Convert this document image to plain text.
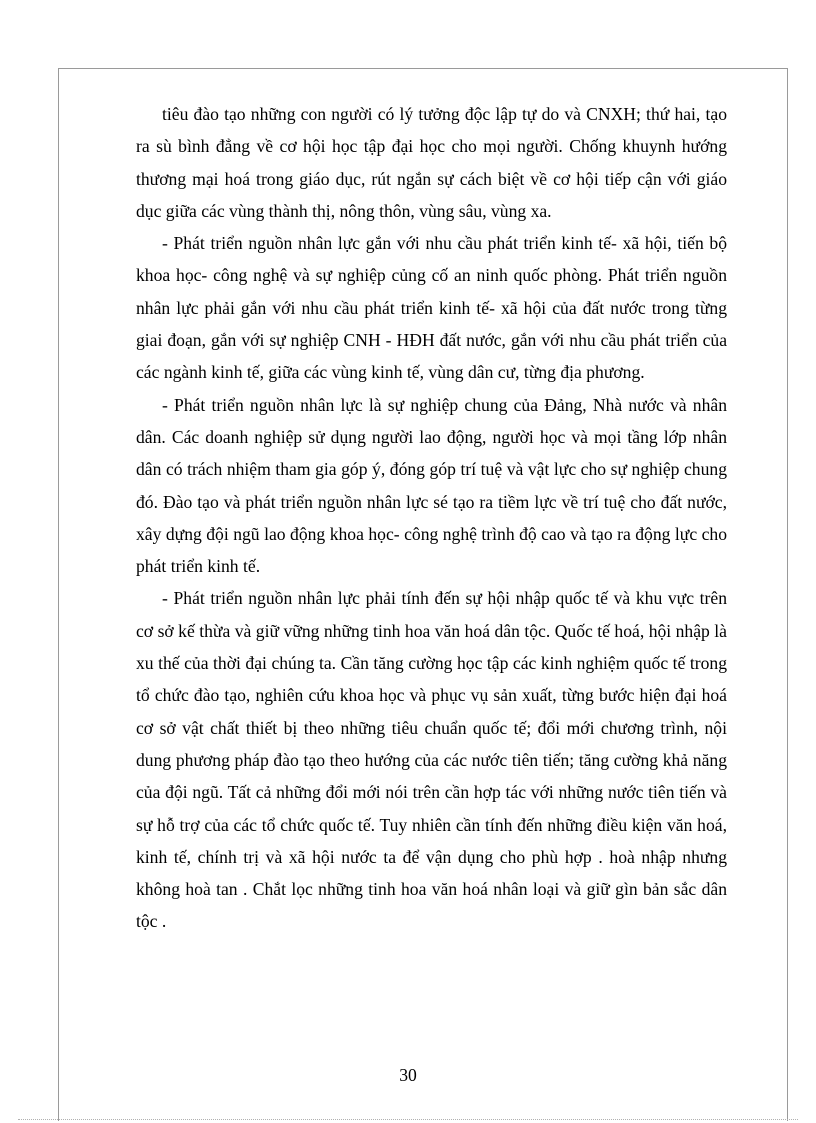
tiêu đào tạo những con người có lý tưởng độc lập tự do và CNXH; thứ hai, tạo ra sù bình đẳng về cơ hội học tập đại học cho mọi người. Chống khuynh hướng thương mại hoá trong giáo dục, rút ngắn sự cách biệt về cơ hội tiếp cận với giáo dục giữa các vùng thành thị, nông thôn, vùng sâu, vùng xa.

- Phát triển nguồn nhân lực gắn với nhu cầu phát triển kinh tế- xã hội, tiến bộ khoa học- công nghệ và sự nghiệp củng cố an ninh quốc phòng. Phát triển nguồn nhân lực phải gắn với nhu cầu phát triển kinh tế- xã hội của đất nước trong từng giai đoạn, gắn với sự nghiệp CNH - HĐH đất nước, gắn với nhu cầu phát triển của các ngành kinh tế, giữa các vùng kinh tế, vùng dân cư, từng địa phương.

- Phát triển nguồn nhân lực là sự nghiệp chung của Đảng, Nhà nước và nhân dân. Các doanh nghiệp sử dụng người lao động, người học và mọi tầng lớp nhân dân có trách nhiệm tham gia góp ý, đóng góp trí tuệ và vật lực cho sự nghiệp chung đó. Đào tạo và phát triển nguồn nhân lực sé tạo ra tiềm lực về trí tuệ cho đất nước, xây dựng đội ngũ lao động khoa học- công nghệ trình độ cao và tạo ra động lực cho phát triển kinh tế.

- Phát triển nguồn nhân lực phải tính đến sự hội nhập quốc tế và khu vực trên cơ sở kế thừa và giữ vững những tinh hoa văn hoá dân tộc. Quốc tế hoá, hội nhập là xu thế của thời đại chúng ta. Cần tăng cường học tập các kinh nghiệm quốc tế trong tổ chức đào tạo, nghiên cứu khoa học và phục vụ sản xuất, từng bước hiện đại hoá cơ sở vật chất thiết bị theo những tiêu chuẩn quốc tế; đổi mới chương trình, nội dung phương pháp đào tạo theo hướng của các nước tiên tiến; tăng cường khả năng của đội ngũ. Tất cả những đổi mới nói trên cần hợp tác với những nước tiên tiến và sự hỗ trợ của các tổ chức quốc tế. Tuy nhiên cần tính đến những điều kiện văn hoá, kinh tế, chính trị và xã hội nước ta để vận dụng cho phù hợp . hoà nhập nhưng không hoà tan . Chắt lọc những tinh hoa văn hoá nhân loại và giữ gìn bản sắc dân tộc .

30
